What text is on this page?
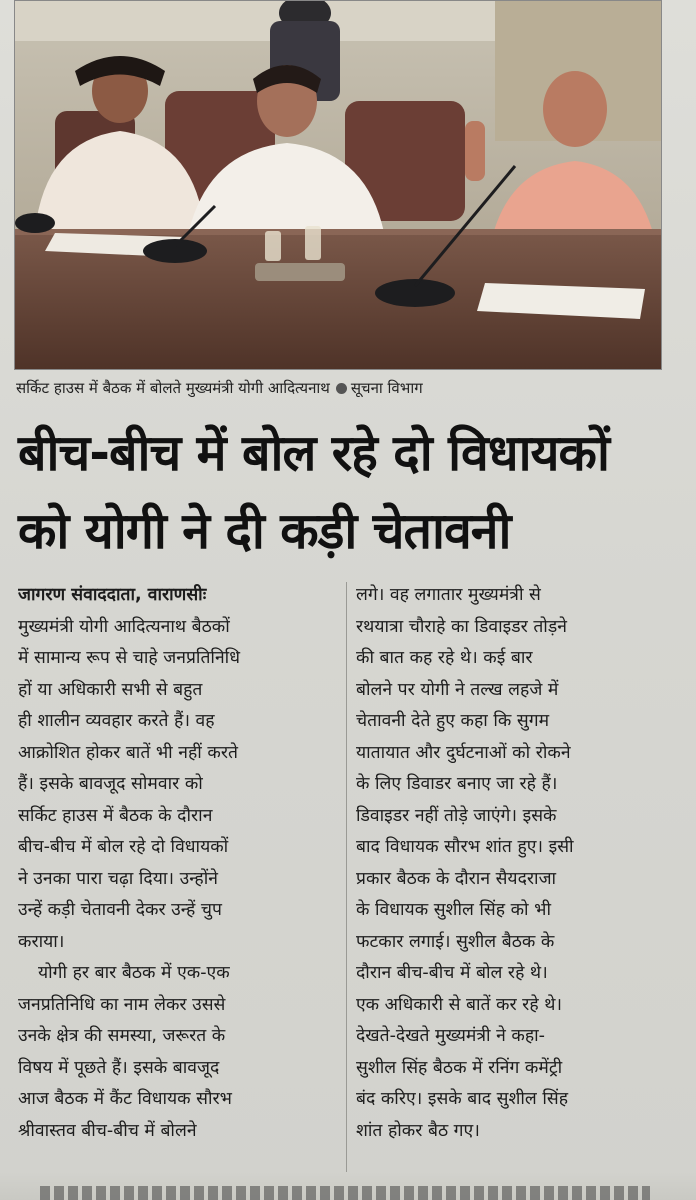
सर्किट हाउस में बैठक में बोलते मुख्यमंत्री योगी आदित्यनाथ सूचना विभाग
बीच-बीच में बोल रहे दो विधायकों
को योगी ने दी कड़ी चेतावनी
जागरण संवाददाता, वाराणसीः
मुख्यमंत्री योगी आदित्यनाथ बैठकों
में सामान्य रूप से चाहे जनप्रतिनिधि
हों या अधिकारी सभी से बहुत
ही शालीन व्यवहार करते हैं। वह
आक्रोशित होकर बातें भी नहीं करते
हैं। इसके बावजूद सोमवार को
सर्किट हाउस में बैठक के दौरान
बीच-बीच में बोल रहे दो विधायकों
ने उनका पारा चढ़ा दिया। उन्होंने
उन्हें कड़ी चेतावनी देकर उन्हें चुप
कराया।
योगी हर बार बैठक में एक-एक
जनप्रतिनिधि का नाम लेकर उससे
उनके क्षेत्र की समस्या, जरूरत के
विषय में पूछते हैं। इसके बावजूद
आज बैठक में कैंट विधायक सौरभ
श्रीवास्तव बीच-बीच में बोलने
लगे। वह लगातार मुख्यमंत्री से
रथयात्रा चौराहे का डिवाइडर तोड़ने
की बात कह रहे थे। कई बार
बोलने पर योगी ने तल्ख लहजे में
चेतावनी देते हुए कहा कि सुगम
यातायात और दुर्घटनाओं को रोकने
के लिए डिवाडर बनाए जा रहे हैं।
डिवाइडर नहीं तोड़े जाएंगे। इसके
बाद विधायक सौरभ शांत हुए। इसी
प्रकार बैठक के दौरान सैयदराजा
के विधायक सुशील सिंह को भी
फटकार लगाई। सुशील बैठक के
दौरान बीच-बीच में बोल रहे थे।
एक अधिकारी से बातें कर रहे थे।
देखते-देखते मुख्यमंत्री ने कहा-
सुशील सिंह बैठक में रनिंग कमेंट्री
बंद करिए। इसके बाद सुशील सिंह
शांत होकर बैठ गए।
